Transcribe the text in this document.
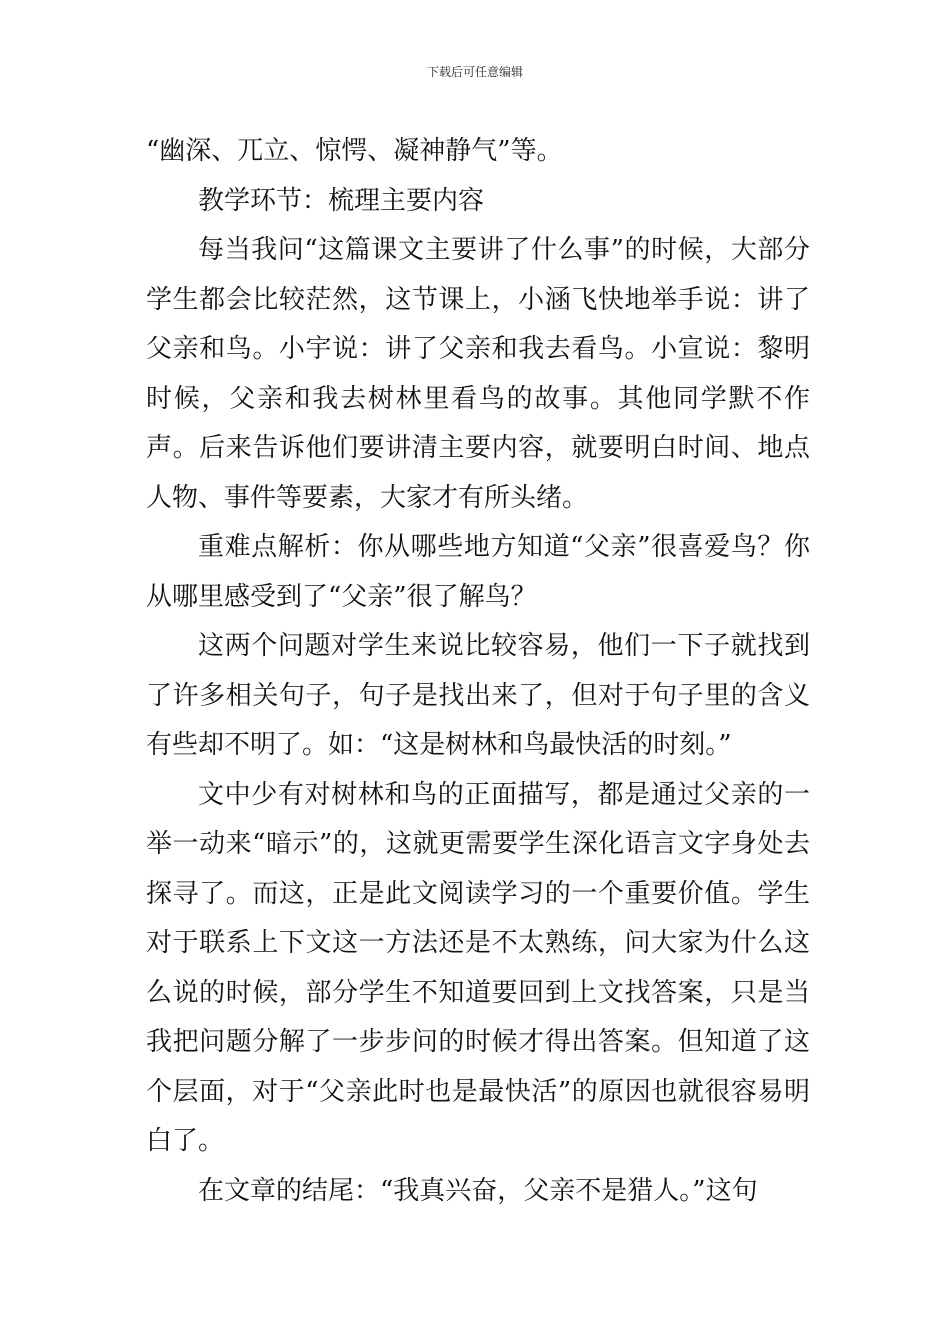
下载后可任意编辑

“幽深、兀立、惊愕、凝神静气”等。

教学环节：梳理主要内容

每当我问“这篇课文主要讲了什么事”的时候，大部分学生都会比较茫然，这节课上，小涵飞快地举手说：讲了父亲和鸟。小宇说：讲了父亲和我去看鸟。小宣说：黎明时候，父亲和我去树林里看鸟的故事。其他同学默不作声。后来告诉他们要讲清主要内容，就要明白时间、地点人物、事件等要素，大家才有所头绪。

重难点解析：你从哪些地方知道“父亲”很喜爱鸟？你从哪里感受到了“父亲”很了解鸟？

这两个问题对学生来说比较容易，他们一下子就找到了许多相关句子，句子是找出来了，但对于句子里的含义有些却不明了。如：“这是树林和鸟最快活的时刻。”

文中少有对树林和鸟的正面描写，都是通过父亲的一举一动来“暗示”的，这就更需要学生深化语言文字身处去探寻了。而这，正是此文阅读学习的一个重要价值。学生对于联系上下文这一方法还是不太熟练，问大家为什么这么说的时候，部分学生不知道要回到上文找答案，只是当我把问题分解了一步步问的时候才得出答案。但知道了这个层面，对于“父亲此时也是最快活”的原因也就很容易明白了。

在文章的结尾：“我真兴奋，父亲不是猎人。”这句
